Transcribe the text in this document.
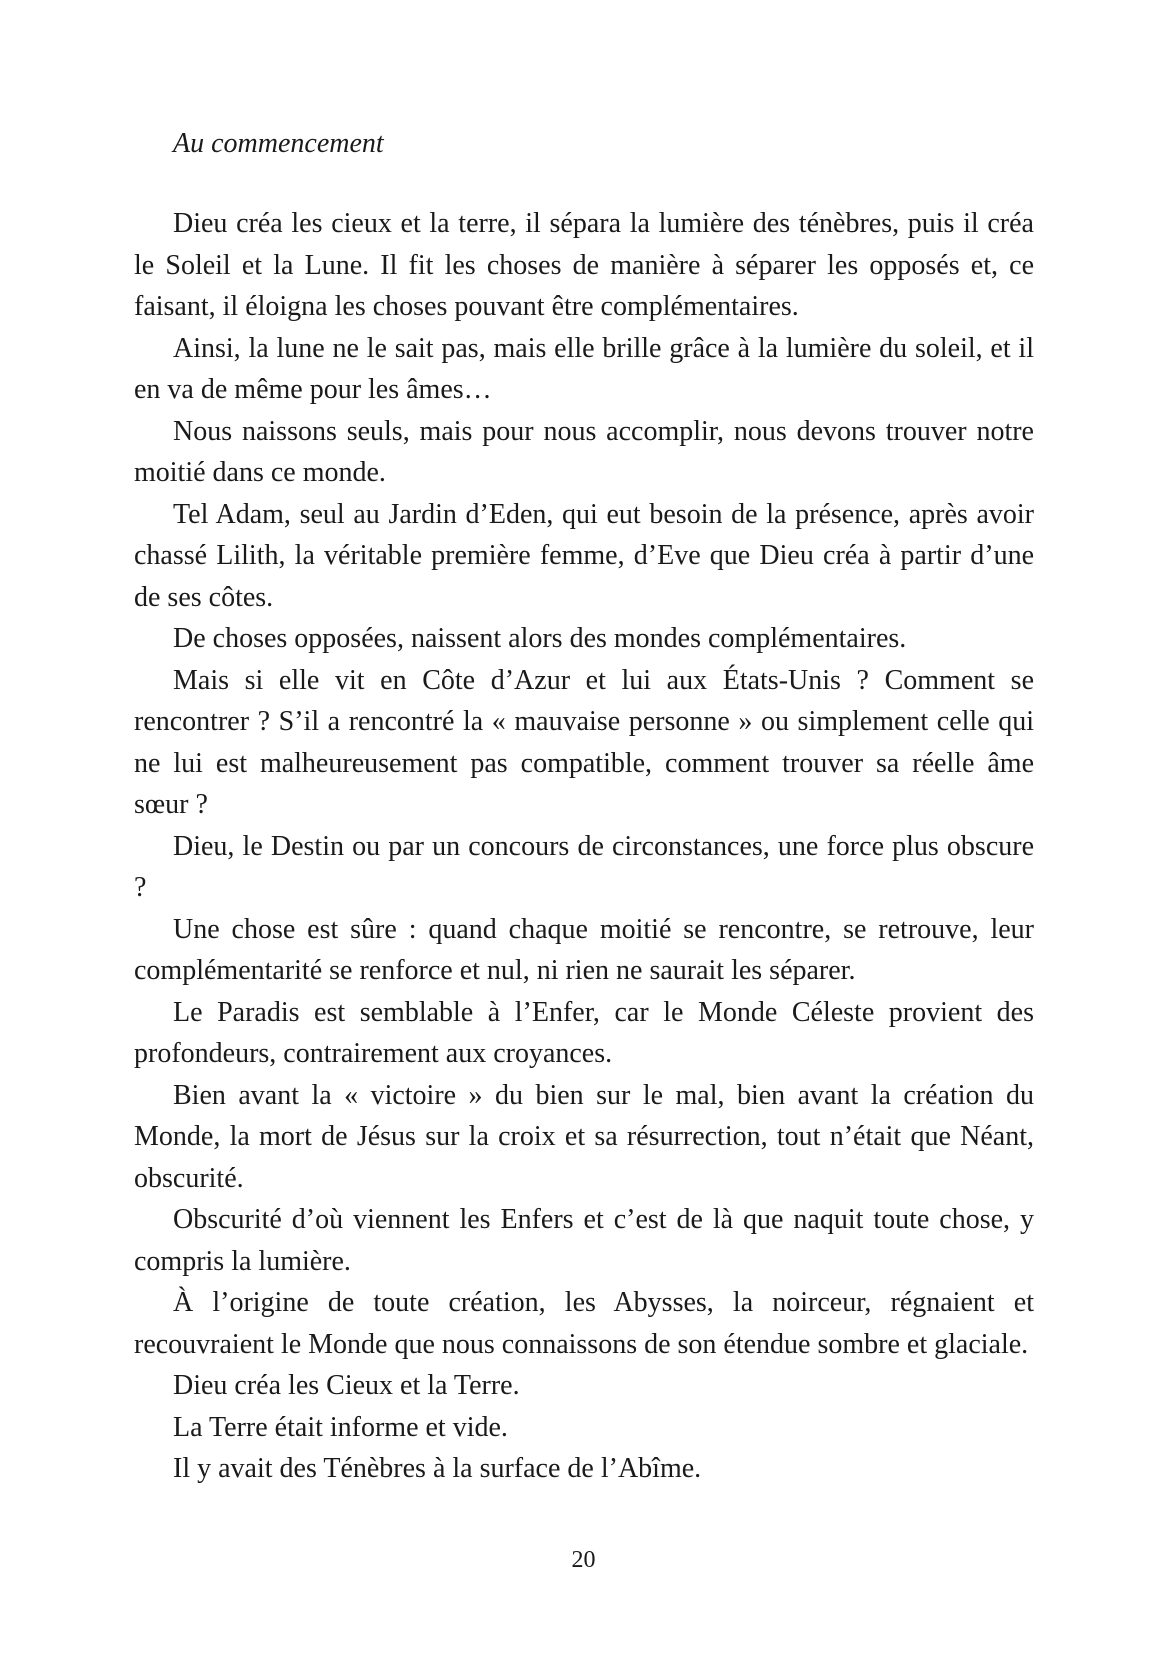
Au commencement

Dieu créa les cieux et la terre, il sépara la lumière des ténèbres, puis il créa le Soleil et la Lune. Il fit les choses de manière à séparer les opposés et, ce faisant, il éloigna les choses pouvant être complémentaires.

Ainsi, la lune ne le sait pas, mais elle brille grâce à la lumière du soleil, et il en va de même pour les âmes…

Nous naissons seuls, mais pour nous accomplir, nous devons trouver notre moitié dans ce monde.

Tel Adam, seul au Jardin d’Eden, qui eut besoin de la présence, après avoir chassé Lilith, la véritable première femme, d’Eve que Dieu créa à partir d’une de ses côtes.

De choses opposées, naissent alors des mondes complémentaires.

Mais si elle vit en Côte d’Azur et lui aux États-Unis ? Comment se rencontrer ? S’il a rencontré la « mauvaise personne » ou simplement celle qui ne lui est malheureusement pas compatible, comment trouver sa réelle âme sœur ?

Dieu, le Destin ou par un concours de circonstances, une force plus obscure ?

Une chose est sûre : quand chaque moitié se rencontre, se retrouve, leur complémentarité se renforce et nul, ni rien ne saurait les séparer.

Le Paradis est semblable à l’Enfer, car le Monde Céleste provient des profondeurs, contrairement aux croyances.

Bien avant la « victoire » du bien sur le mal, bien avant la création du Monde, la mort de Jésus sur la croix et sa résurrection, tout n’était que Néant, obscurité.

Obscurité d’où viennent les Enfers et c’est de là que naquit toute chose, y compris la lumière.

À l’origine de toute création, les Abysses, la noirceur, régnaient et recouvraient le Monde que nous connaissons de son étendue sombre et glaciale.

Dieu créa les Cieux et la Terre.

La Terre était informe et vide.

Il y avait des Ténèbres à la surface de l’Abîme.

20
